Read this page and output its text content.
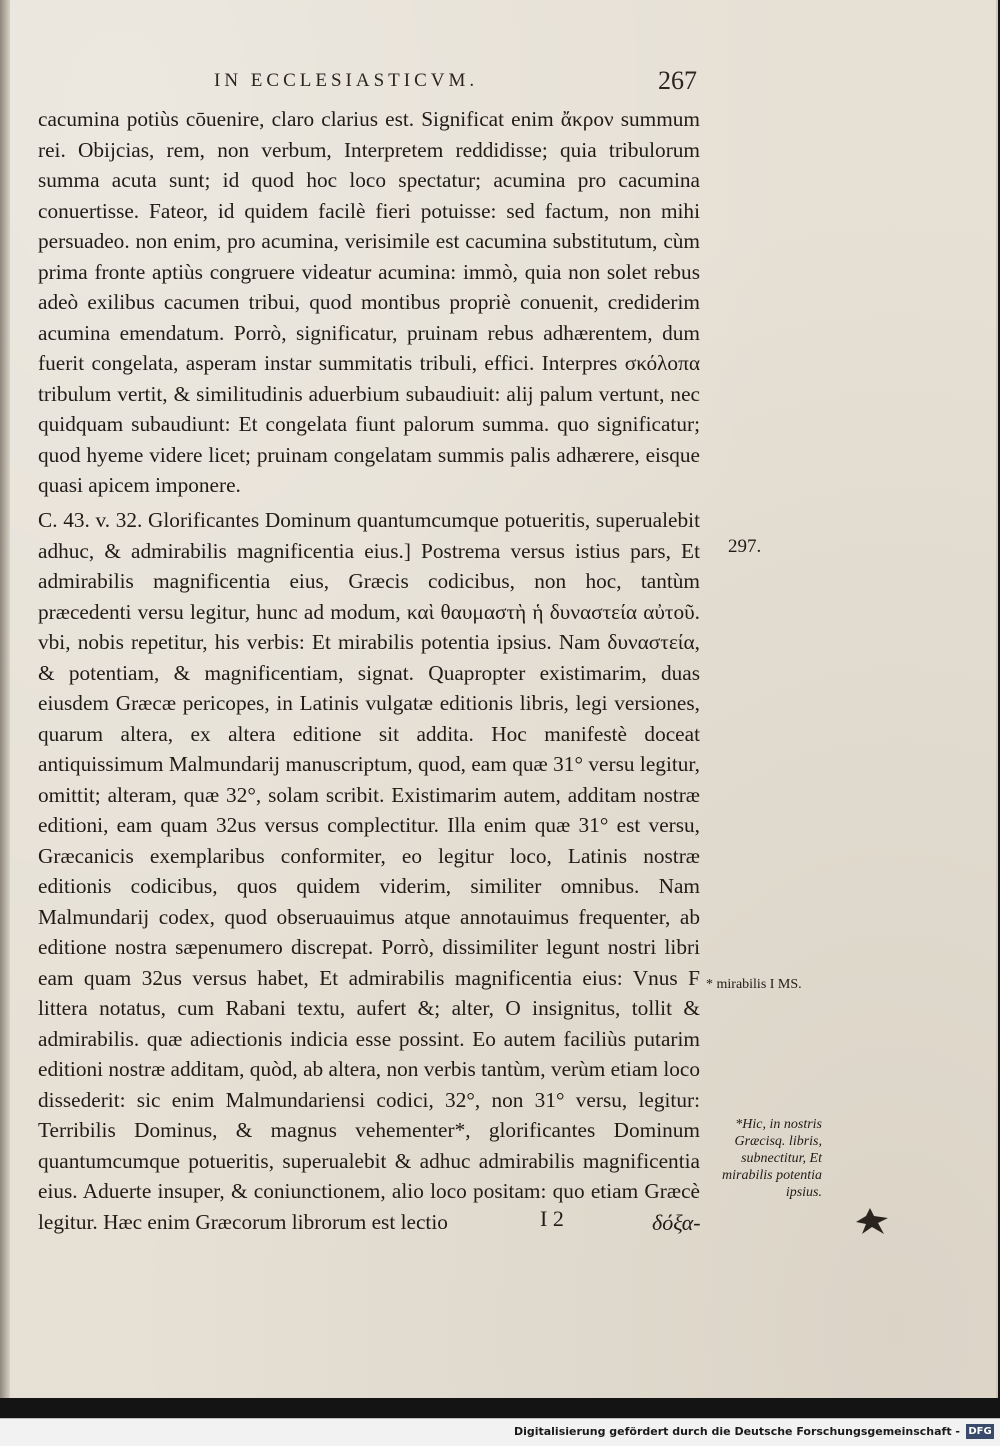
IN ECCLESIASTICVM.	267

cacumina potiùs cōuenire, claro clarius est. Significat enim ἄκρον summum rei. Obijcias, rem, non verbum, Interpretem reddidisse; quia tribulorum summa acuta sunt; id quod hoc loco spectatur; acumina pro cacumina conuertisse. Fateor, id quidem facilè fieri potuisse: sed factum, non mihi persuadeo. non enim, pro acumina, verisimile est cacumina substitutum, cùm prima fronte aptiùs congruere videatur acumina: immò, quia non solet rebus adeò exilibus cacumen tribui, quod montibus propriè conuenit, crediderim acumina emendatum. Porrò, significatur, pruinam rebus adhærentem, dum fuerit congelata, asperam instar summitatis tribuli, effici. Interpres σκόλοπα tribulum vertit, & similitudinis aduerbium subaudiuit: alij palum vertunt, nec quidquam subaudiunt: Et congelata fiunt palorum summa. quo significatur; quod hyeme videre licet; pruinam congelatam summis palis adhærere, eisque quasi apicem imponere.

C. 43. v. 32. Glorificantes Dominum quantumcumque potueritis, superualebit adhuc, & admirabilis magnificentia eius.] Postrema versus istius pars, Et admirabilis magnificentia eius, Græcis codicibus, non hoc, tantùm præcedenti versu legitur, hunc ad modum, καὶ θαυμαστὴ ἡ δυναστεία αὐτοῦ. vbi, nobis repetitur, his verbis: Et mirabilis potentia ipsius. Nam δυναστεία, & potentiam, & magnificentiam, signat. Quapropter existimarim, duas eiusdem Græcæ pericopes, in Latinis vulgatæ editionis libris, legi versiones, quarum altera, ex altera editione sit addita. Hoc manifestè doceat antiquissimum Malmundarij manuscriptum, quod, eam quæ 31° versu legitur, omittit; alteram, quæ 32°, solam scribit. Existimarim autem, additam nostræ editioni, eam quam 32us versus complectitur. Illa enim quæ 31° est versu, Græcanicis exemplaribus conformiter, eo legitur loco, Latinis nostræ editionis codicibus, quos quidem viderim, similiter omnibus. Nam Malmundarij codex, quod obseruauimus atque annotauimus frequenter, ab editione nostra sæpenumero discrepat. Porrò, dissimiliter legunt nostri libri eam quam 32us versus habet, Et admirabilis magnificentia eius: Vnus F littera notatus, cum Rabani textu, aufert &; alter, O insignitus, tollit & admirabilis. quæ adiectionis indicia esse possint. Eo autem faciliùs putarim editioni nostræ additam, quòd, ab altera, non verbis tantùm, verùm etiam loco dissederit: sic enim Malmundariensi codici, 32°, non 31° versu, legitur: Terribilis Dominus, & magnus vehementer*, glorificantes Dominum quantumcumque potueritis, superualebit & adhuc admirabilis magnificentia eius. Aduerte insuper, & coniunctionem, alio loco positam: quo etiam Græcè legitur. Hæc enim Græcorum librorum est lectio

297.
* mirabilis I MS.
*Hic, in nostris Græcisq. libris, subnectitur, Et mirabilis potentia ipsius.
I 2	δόξα-
Digitalisierung gefördert durch die Deutsche Forschungsgemeinschaft - DFG
